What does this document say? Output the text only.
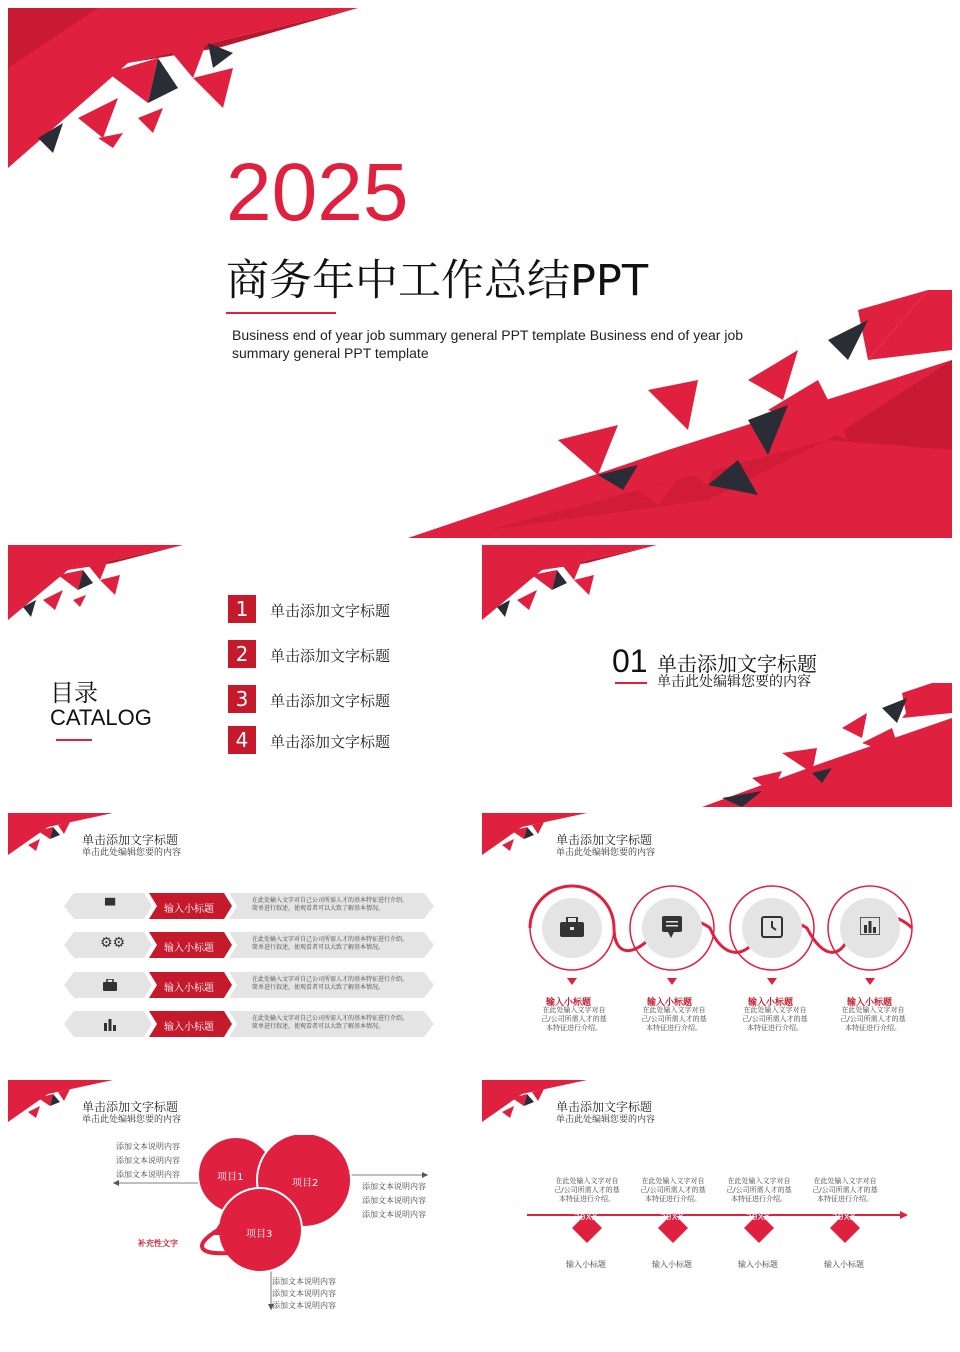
2025
商务年中工作总结PPT
Business end of year job summary general PPT template Business end of year job summary general PPT template
目录
CATALOG
1	单击添加文字标题
2	单击添加文字标题
3	单击添加文字标题
4	单击添加文字标题
01 单击添加文字标题
单击此处编辑您要的内容
单击添加文字标题
单击此处编辑您要的内容
▀	输入小标题
在此处输入文字对自己公司所需人才的基本特征进行介绍。简单进行叙述，使观看者可以大致了解基本情况。
⚙⚙	输入小标题
在此处输入文字对自己公司所需人才的基本特征进行介绍。简单进行叙述，使观看者可以大致了解基本情况。
输入小标题
在此处输入文字对自己公司所需人才的基本特征进行介绍。简单进行叙述，使观看者可以大致了解基本情况。
输入小标题
在此处输入文字对自己公司所需人才的基本特征进行介绍。简单进行叙述，使观看者可以大致了解基本情况。
单击添加文字标题
单击此处编辑您要的内容
输入小标题
在此处输入文字对自
己/公司所需人才的基
本特征进行介绍。
输入小标题
在此处输入文字对自
己/公司所需人才的基
本特征进行介绍。
输入小标题
在此处输入文字对自
己/公司所需人才的基
本特征进行介绍。
输入小标题
在此处输入文字对自
己/公司所需人才的基
本特征进行介绍。
单击添加文字标题
单击此处编辑您要的内容
项目1
项目2
项目3
补充性文字
添加文本说明内容
添加文本说明内容
添加文本说明内容
添加文本说明内容
添加文本说明内容
添加文本说明内容
添加文本说明内容
添加文本说明内容
添加文本说明内容
单击添加文字标题
单击此处编辑您要的内容
在此处输入文字对自
己/公司所需人才的基
本特征进行介绍。
20XX
输入小标题
在此处输入文字对自
己/公司所需人才的基
本特征进行介绍。
20XX
输入小标题
在此处输入文字对自
己/公司所需人才的基
本特征进行介绍。
20XX
输入小标题
在此处输入文字对自
己/公司所需人才的基
本特征进行介绍。
20XX
输入小标题
